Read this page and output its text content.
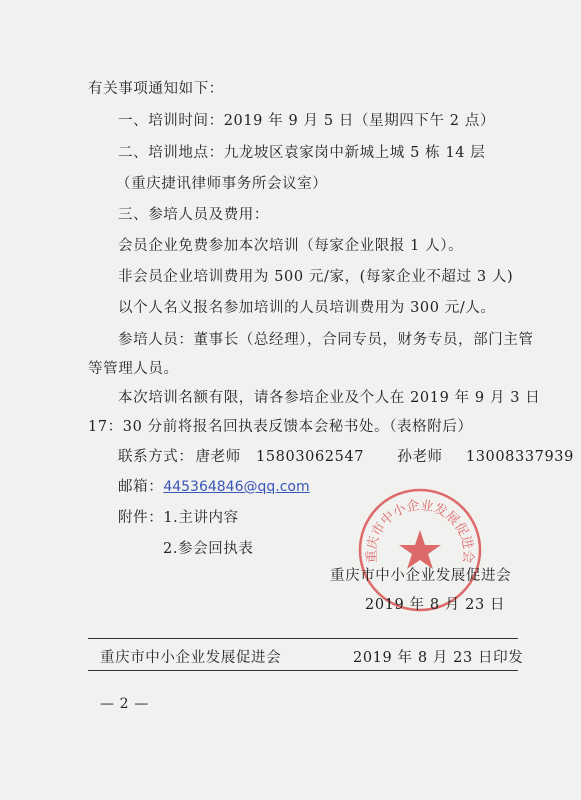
有关事项通知如下：
一、培训时间：2019 年 9 月 5 日（星期四下午 2 点）
二、培训地点：九龙坡区袁家岗中新城上城 5 栋 14 层
（重庆捷讯律师事务所会议室）
三、参培人员及费用：
会员企业免费参加本次培训（每家企业限报 1 人）。
非会员企业培训费用为 500 元/家，(每家企业不超过 3 人)
以个人名义报名参加培训的人员培训费用为 300 元/人。
参培人员：董事长（总经理），合同专员，财务专员，部门主管
等管理人员。
本次培训名额有限，请各参培企业及个人在 2019 年 9 月 3 日
17：30 分前将报名回执表反馈本会秘书处。（表格附后）
联系方式： 唐老师 15803062547 孙老师 13008337939
邮箱：445364846@qq.com
附件：1.主讲内容
2.参会回执表	重庆市中小企业发展促进会
重庆市中小企业发展促进会
2019 年 8 月 23 日
重庆市中小企业发展促进会	2019 年 8 月 23 日印发
— 2 —
